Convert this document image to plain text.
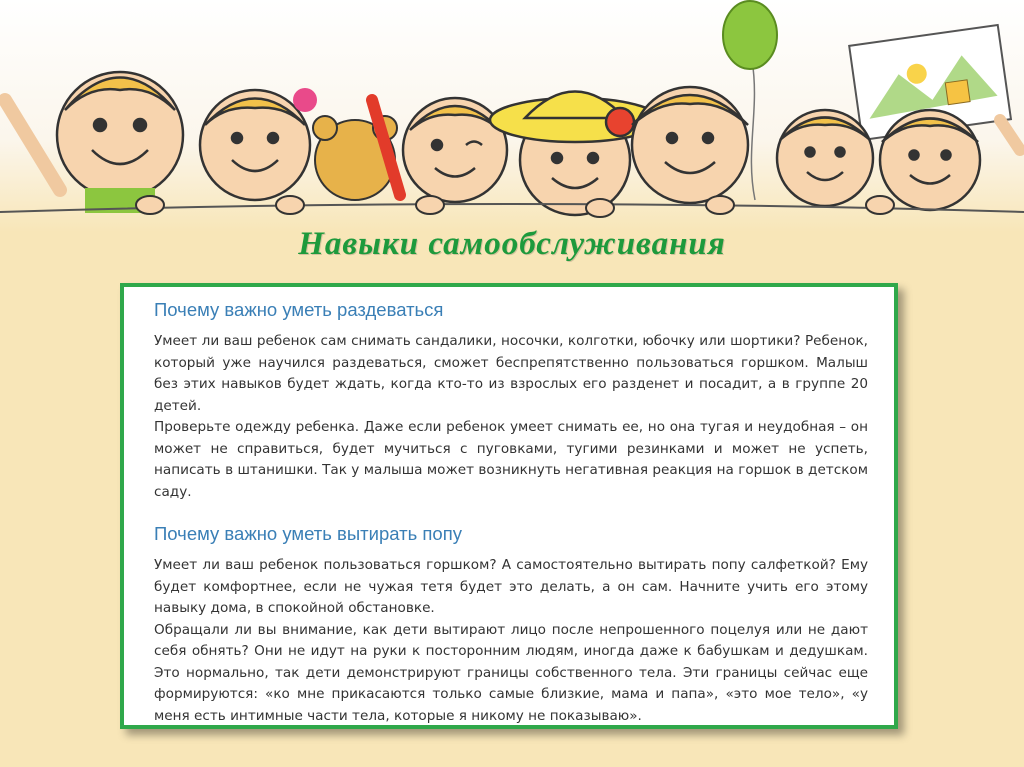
Навыки самообслуживания
Почему важно уметь раздеваться

Умеет ли ваш ребенок сам снимать сандалики, носочки, колготки, юбочку или шортики? Ребенок, который уже научился раздеваться, сможет беспрепятственно пользоваться горшком. Малыш без этих навыков будет ждать, когда кто-то из взрослых его разденет и посадит, а в группе 20 детей.

Проверьте одежду ребенка. Даже если ребенок умеет снимать ее, но она тугая и неудобная – он может не справиться, будет мучиться с пуговками, тугими резинками и может не успеть, написать в штанишки. Так у малыша может возникнуть негативная реакция на горшок в детском саду.

Почему важно уметь вытирать попу

Умеет ли ваш ребенок пользоваться горшком? А самостоятельно вытирать попу салфеткой? Ему будет комфортнее, если не чужая тетя будет это делать, а он сам. Начните учить его этому навыку дома, в спокойной обстановке.

Обращали ли вы внимание, как дети вытирают лицо после непрошенного поцелуя или не дают себя обнять? Они не идут на руки к посторонним людям, иногда даже к бабушкам и дедушкам. Это нормально, так дети демонстрируют границы собственного тела. Эти границы сейчас еще формируются: «ко мне прикасаются только самые близкие, мама и папа», «это мое тело», «у меня есть интимные части тела, которые я никому не показываю».
